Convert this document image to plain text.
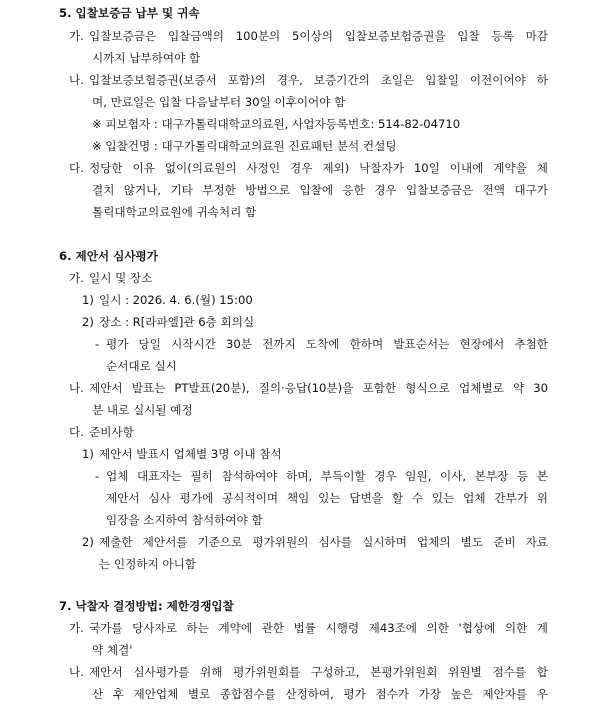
5. 입찰보증금 납부 및 귀속
가. 입찰보증금은 입찰금액의 100분의 5이상의 입찰보증보험증권을 입찰 등록 마감
시까지 납부하여야 함
나. 입찰보증보험증권(보증서 포함)의 경우, 보증기간의 초일은 입찰일 이전이어야 하
며, 만료일은 입찰 다음날부터 30일 이후이어야 함
※ 피보험자 : 대구가톨릭대학교의료원, 사업자등록번호: 514-82-04710
※ 입찰건명 : 대구가톨릭대학교의료원 진료패턴 분석 컨설팅
다. 정당한 이유 없이(의료원의 사정인 경우 제외) 낙찰자가 10일 이내에 계약을 체
결치 않거나, 기타 부정한 방법으로 입찰에 응한 경우 입찰보증금은 전액 대구가
톨릭대학교의료원에 귀속처리 함
6. 제안서 심사평가
가. 일시 및 장소
1) 일시 : 2026. 4. 6.(월) 15:00
2) 장소 : R[라파엘]관 6층 회의실
- 평가 당일 시작시간 30분 전까지 도착에 한하며 발표순서는 현장에서 추첨한
순서대로 실시
나. 제안서 발표는 PT발표(20분), 질의·응답(10분)을 포함한 형식으로 업체별로 약 30
분 내로 실시될 예정
다. 준비사항
1) 제안서 발표시 업체별 3명 이내 참석
- 업체 대표자는 필히 참석하여야 하며, 부득이할 경우 임원, 이사, 본부장 등 본
제안서 심사 평가에 공식적이며 책임 있는 답변을 할 수 있는 업체 간부가 위
임장을 소지하여 참석하여야 함
2) 제출한 제안서를 기준으로 평가위원의 심사를 실시하며 업체의 별도 준비 자료
는 인정하지 아니함
7. 낙찰자 결정방법: 제한경쟁입찰
가. 국가를 당사자로 하는 계약에 관한 법률 시행령 제43조에 의한 '협상에 의한 계
약 체결'
나. 제안서 심사평가를 위해 평가위원회를 구성하고, 본평가위원회 위원별 점수를 합
산 후 제안업체 별로 종합점수를 산정하여, 평가 점수가 가장 높은 제안자를 우
